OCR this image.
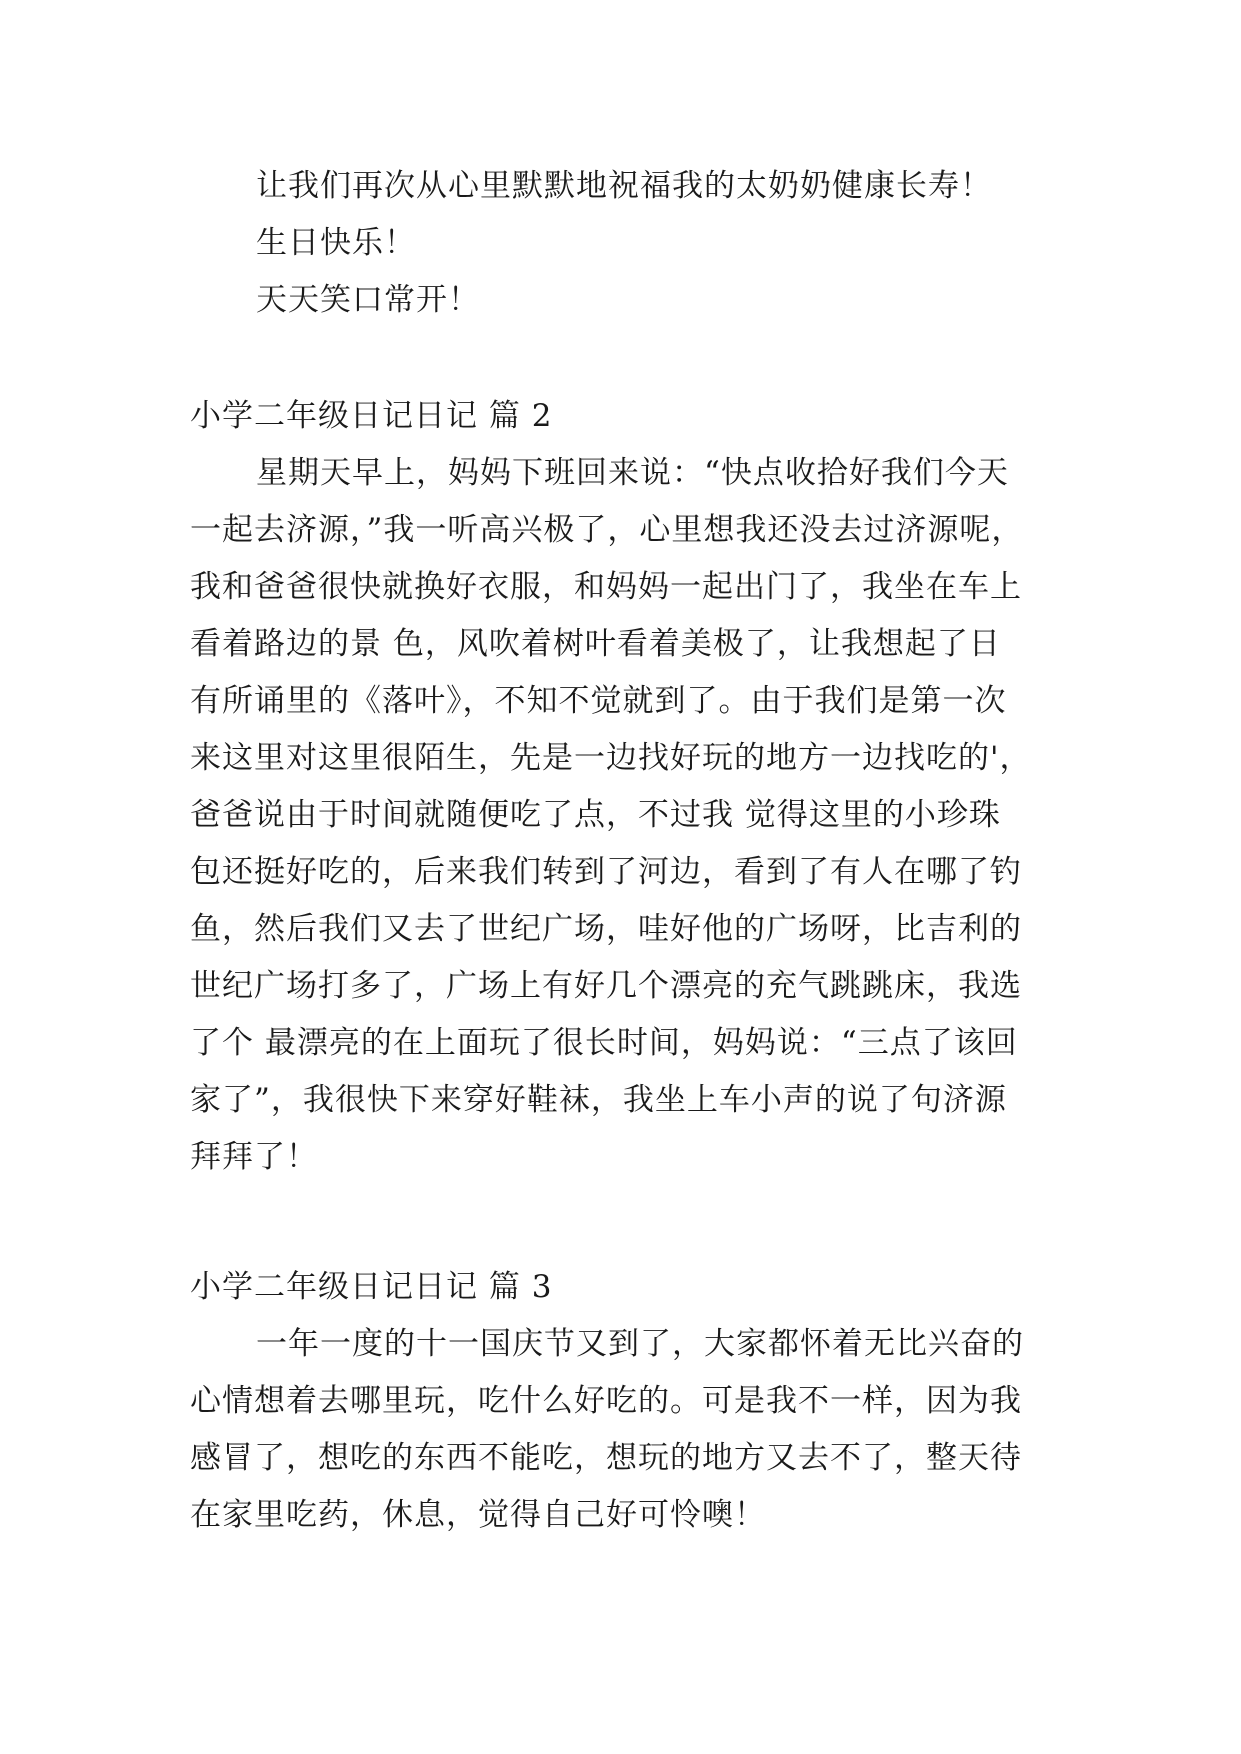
让我们再次从心里默默地祝福我的太奶奶健康长寿！
生日快乐！
天天笑口常开！
小学二年级日记日记 篇 2
星期天早上，妈妈下班回来说：“快点收拾好我们今天
一起去济源，”我一听高兴极了，心里想我还没去过济源呢，
我和爸爸很快就换好衣服，和妈妈一起出门了，我坐在车上
看着路边的景 色，风吹着树叶看着美极了，让我想起了日
有所诵里的《落叶》，不知不觉就到了。由于我们是第一次
来这里对这里很陌生，先是一边找好玩的地方一边找吃的'，
爸爸说由于时间就随便吃了点，不过我 觉得这里的小珍珠
包还挺好吃的，后来我们转到了河边，看到了有人在哪了钓
鱼，然后我们又去了世纪广场，哇好他的广场呀，比吉利的
世纪广场打多了，广场上有好几个漂亮的充气跳跳床，我选
了个 最漂亮的在上面玩了很长时间，妈妈说：“三点了该回
家了”，我很快下来穿好鞋袜，我坐上车小声的说了句济源
拜拜了！
小学二年级日记日记 篇 3
一年一度的十一国庆节又到了，大家都怀着无比兴奋的
心情想着去哪里玩，吃什么好吃的。可是我不一样，因为我
感冒了，想吃的东西不能吃，想玩的地方又去不了，整天待
在家里吃药，休息，觉得自己好可怜噢！
